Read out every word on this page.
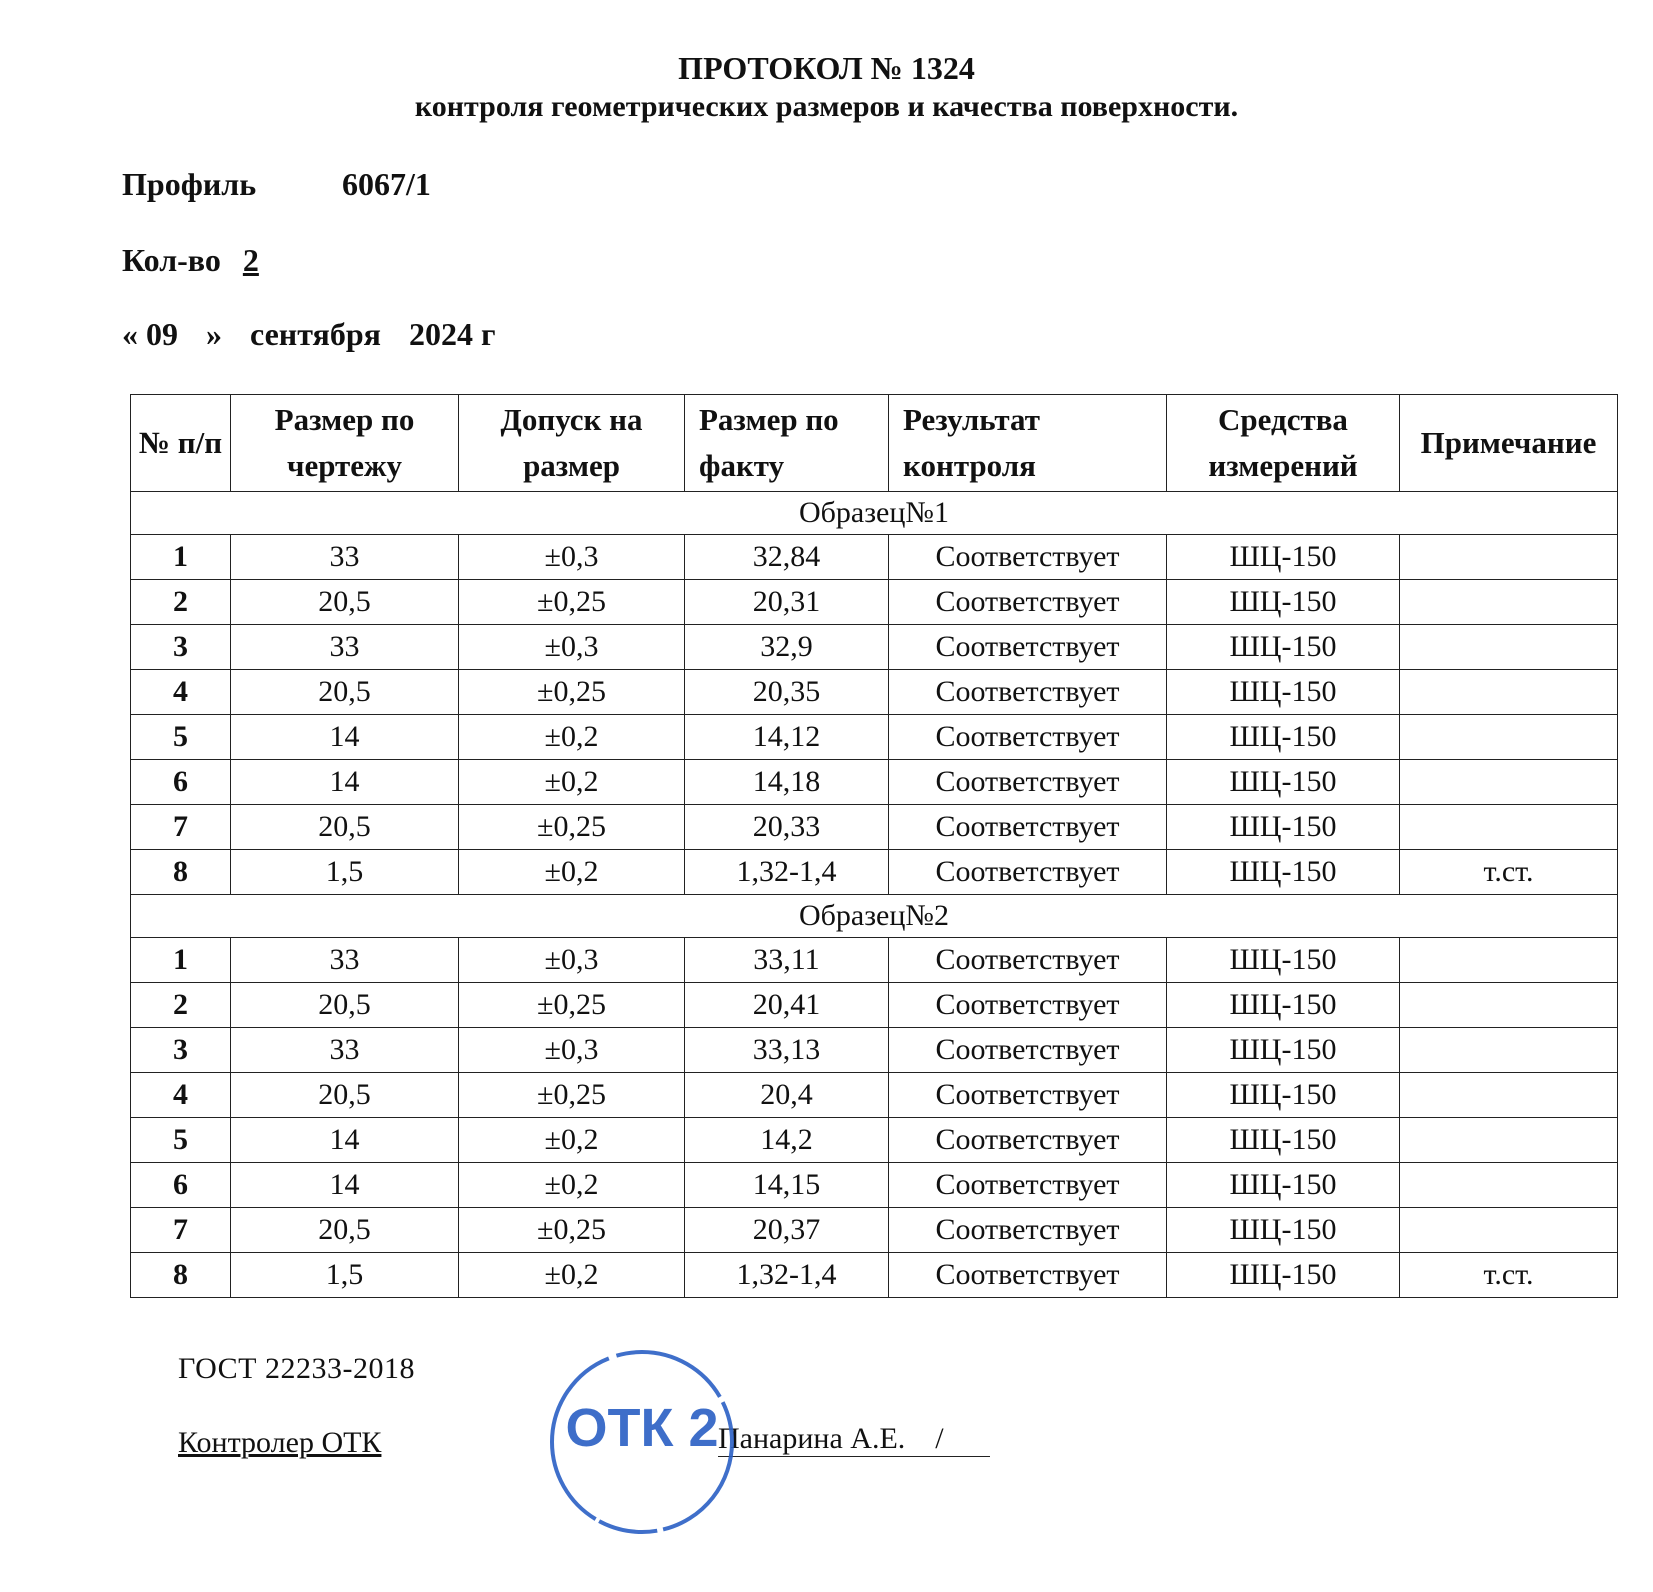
ПРОТОКОЛ № 1324
контроля геометрических размеров и качества поверхности.
Профиль	6067/1
Кол-во 2
« 09 » сентября 2024 г
№ п/п	Размер по чертежу	Допуск на размер	Размер по факту	Результат контроля	Средства измерений	Примечание
Образец№1						
1	33	±0,3	32,84	Соответствует	ШЦ-150	
2	20,5	±0,25	20,31	Соответствует	ШЦ-150	
3	33	±0,3	32,9	Соответствует	ШЦ-150	
4	20,5	±0,25	20,35	Соответствует	ШЦ-150	
5	14	±0,2	14,12	Соответствует	ШЦ-150	
6	14	±0,2	14,18	Соответствует	ШЦ-150	
7	20,5	±0,25	20,33	Соответствует	ШЦ-150	
8	1,5	±0,2	1,32-1,4	Соответствует	ШЦ-150	т.ст.
Образец№2						
1	33	±0,3	33,11	Соответствует	ШЦ-150	
2	20,5	±0,25	20,41	Соответствует	ШЦ-150	
3	33	±0,3	33,13	Соответствует	ШЦ-150	
4	20,5	±0,25	20,4	Соответствует	ШЦ-150	
5	14	±0,2	14,2	Соответствует	ШЦ-150	
6	14	±0,2	14,15	Соответствует	ШЦ-150	
7	20,5	±0,25	20,37	Соответствует	ШЦ-150	
8	1,5	±0,2	1,32-1,4	Соответствует	ШЦ-150	т.ст.
ГОСТ 22233-2018
Контролер ОТК	Панарина А.Е. /
ОТК 2
